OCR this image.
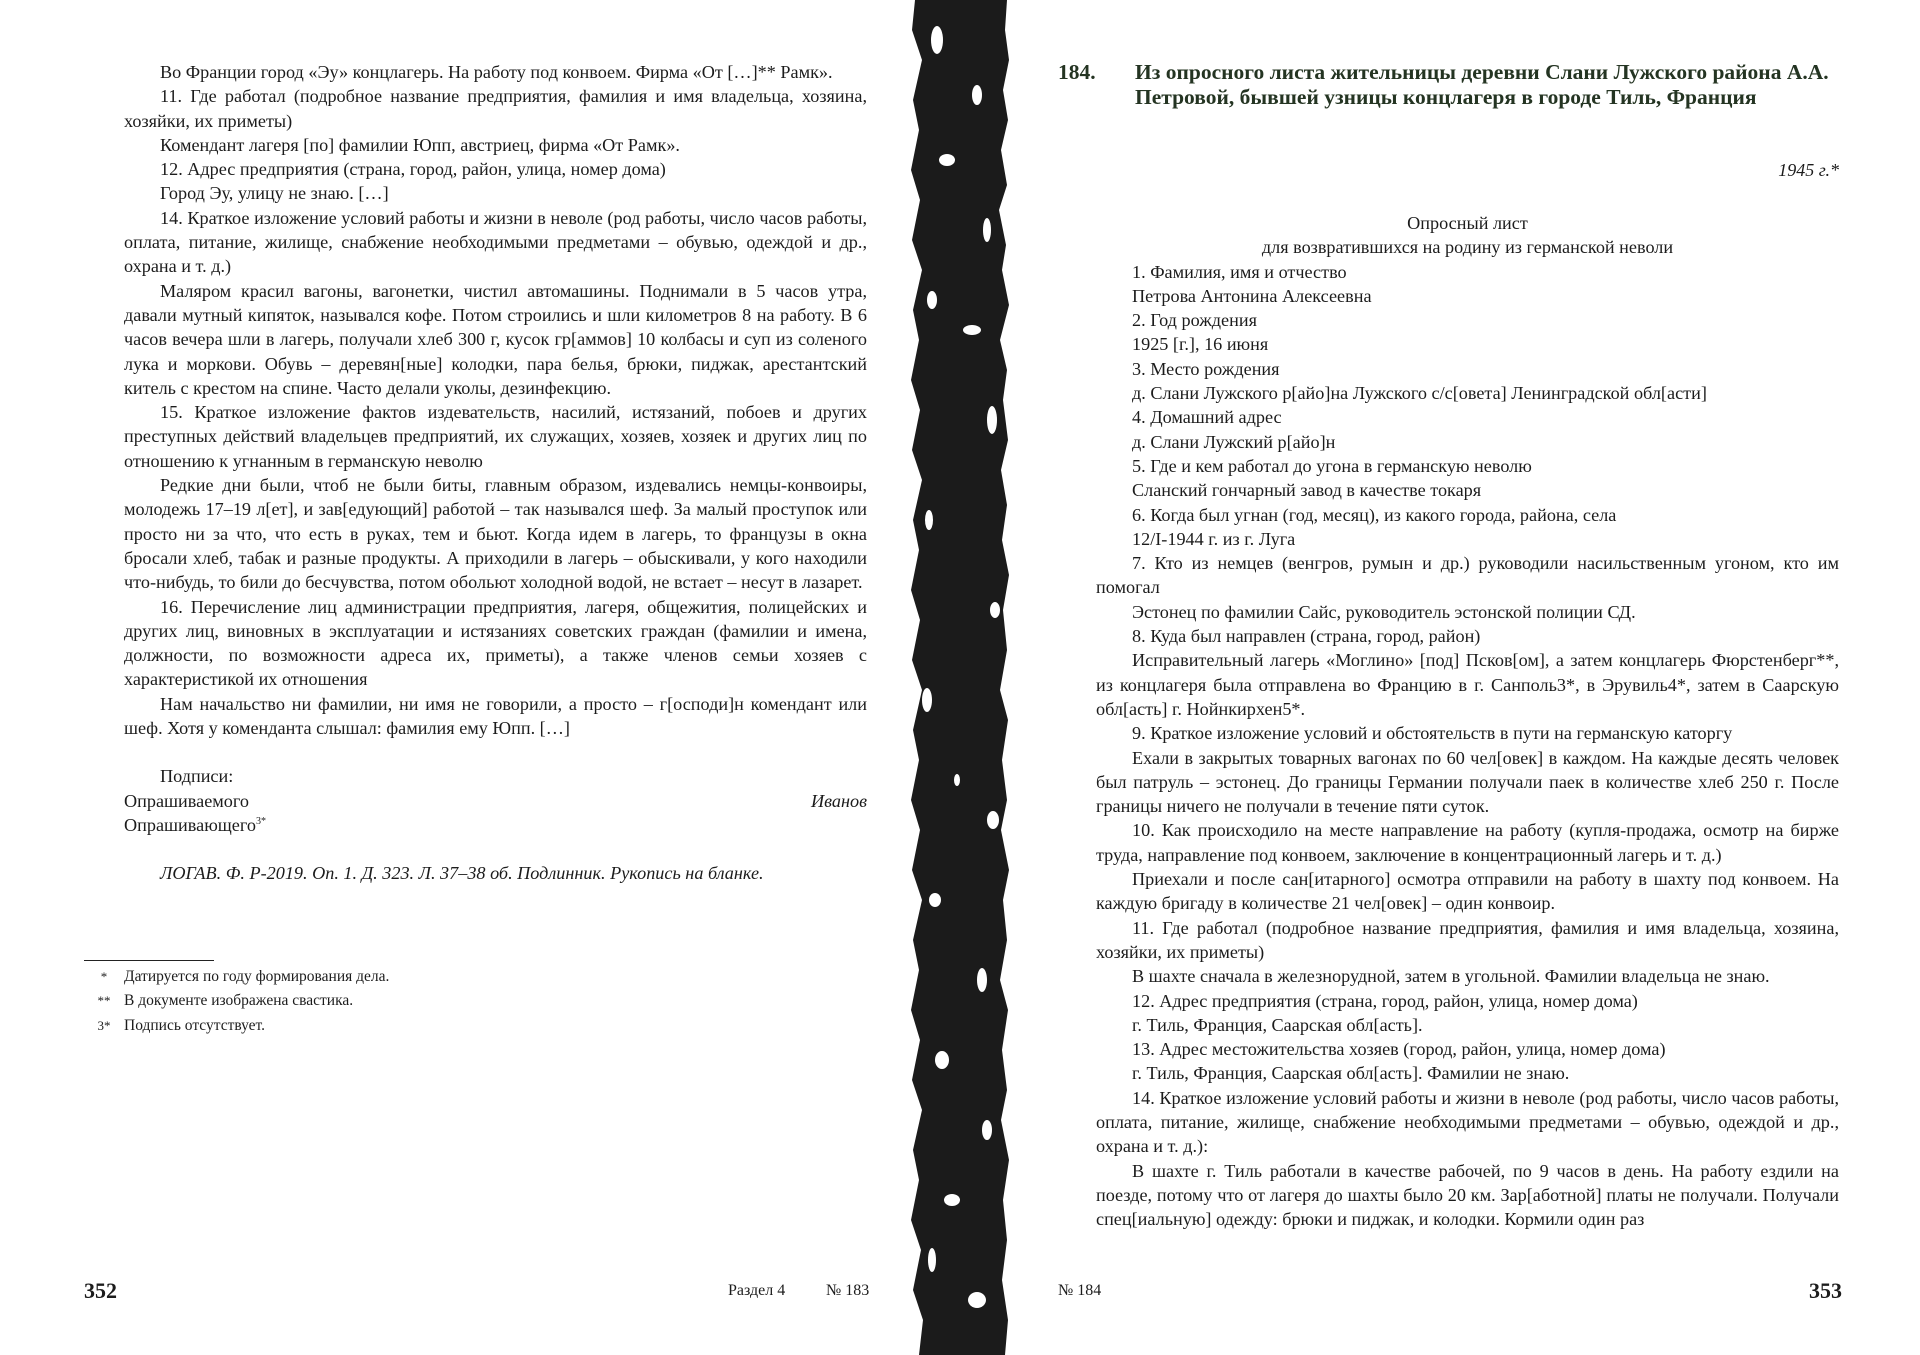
Во Франции город «Эу» концлагерь. На работу под конвоем. Фирма «От […]** Рамк».

11. Где работал (подробное название предприятия, фамилия и имя владельца, хозяина, хозяйки, их приметы)

Комендант лагеря [по] фамилии Юпп, австриец, фирма «От Рамк».

12. Адрес предприятия (страна, город, район, улица, номер дома)

Город Эу, улицу не знаю. […]

14. Краткое изложение условий работы и жизни в неволе (род работы, число часов работы, оплата, питание, жилище, снабжение необходимыми предметами – обувью, одеждой и др., охрана и т. д.)

Маляром красил вагоны, вагонетки, чистил автомашины. Поднимали в 5 часов утра, давали мутный кипяток, назывался кофе. Потом строились и шли километров 8 на работу. В 6 часов вечера шли в лагерь, получали хлеб 300 г, кусок гр[аммов] 10 колбасы и суп из соленого лука и моркови. Обувь – деревян[ные] колодки, пара белья, брюки, пиджак, арестантский китель с крестом на спине. Часто делали уколы, дезинфекцию.

15. Краткое изложение фактов издевательств, насилий, истязаний, побоев и других преступных действий владельцев предприятий, их служащих, хозяев, хозяек и других лиц по отношению к угнанным в германскую неволю

Редкие дни были, чтоб не были биты, главным образом, издевались немцы-конвоиры, молодежь 17–19 л[ет], и зав[едующий] работой – так назывался шеф. За малый проступок или просто ни за что, что есть в руках, тем и бьют. Когда идем в лагерь, то французы в окна бросали хлеб, табак и разные продукты. А приходили в лагерь – обыскивали, у кого находили что-нибудь, то били до бесчувства, потом обольют холодной водой, не встает – несут в лазарет.

16. Перечисление лиц администрации предприятия, лагеря, общежития, полицейских и других лиц, виновных в эксплуатации и истязаниях советских граждан (фамилии и имена, должности, по возможности адреса их, приметы), а также членов семьи хозяев с характеристикой их отношения

Нам начальство ни фамилии, ни имя не говорили, а просто – г[осподи]н комендант или шеф. Хотя у коменданта слышал: фамилия ему Юпп. […]

Подписи:

Опрашиваемого	Иванов

Опрашивающего$^{3*}$

ЛОГАВ. Ф. Р-2019. Оп. 1. Д. 323. Л. 37–38 об. Подлинник. Рукопись на бланке.

*	Датируется по году формирования дела.
** В документе изображена свастика.
3* Подпись отсутствует.
352	Раздел 4	№ 183
184. Из опросного листа жительницы деревни Слани Лужского района А.А. Петровой, бывшей узницы концлагеря в городе Тиль, Франция
1945 г.*

Опросный лист

для возвратившихся на родину из германской неволи

1. Фамилия, имя и отчество

Петрова Антонина Алексеевна

2. Год рождения

1925 [г.], 16 июня

3. Место рождения

д. Слани Лужского р[айо]на Лужского с/с[овета] Ленинградской обл[асти]

4. Домашний адрес

д. Слани Лужский р[айо]н

5. Где и кем работал до угона в германскую неволю

Сланский гончарный завод в качестве токаря

6. Когда был угнан (год, месяц), из какого города, района, села

12/I-1944 г. из г. Луга

7. Кто из немцев (венгров, румын и др.) руководили насильственным угоном, кто им помогал

Эстонец по фамилии Сайс, руководитель эстонской полиции СД.

8. Куда был направлен (страна, город, район)

Исправительный лагерь «Моглино» [под] Псков[ом], а затем концлагерь Фюрстенберг**, из концлагеря была отправлена во Францию в г. Санполь3*, в Эрувиль4*, затем в Саарскую обл[асть] г. Нойнкирхен5*.

9. Краткое изложение условий и обстоятельств в пути на германскую каторгу

Ехали в закрытых товарных вагонах по 60 чел[овек] в каждом. На каждые десять человек был патруль – эстонец. До границы Германии получали паек в количестве хлеб 250 г. После границы ничего не получали в течение пяти суток.

10. Как происходило на месте направление на работу (купля-продажа, осмотр на бирже труда, направление под конвоем, заключение в концентрационный лагерь и т. д.)

Приехали и после сан[итарного] осмотра отправили на работу в шахту под конвоем. На каждую бригаду в количестве 21 чел[овек] – один конвоир.

11. Где работал (подробное название предприятия, фамилия и имя владельца, хозяина, хозяйки, их приметы)

В шахте сначала в железнорудной, затем в угольной. Фамилии владельца не знаю.

12. Адрес предприятия (страна, город, район, улица, номер дома)

г. Тиль, Франция, Саарская обл[асть].

13. Адрес местожительства хозяев (город, район, улица, номер дома)

г. Тиль, Франция, Саарская обл[асть]. Фамилии не знаю.

14. Краткое изложение условий работы и жизни в неволе (род работы, число часов работы, оплата, питание, жилище, снабжение необходимыми предметами – обувью, одеждой и др., охрана и т. д.):

В шахте г. Тиль работали в качестве рабочей, по 9 часов в день. На работу ездили на поезде, потому что от лагеря до шахты было 20 км. Зар[аботной] платы не получали. Получали спец[иальную] одежду: брюки и пиджак, и колодки. Кормили один раз

№ 184	353
